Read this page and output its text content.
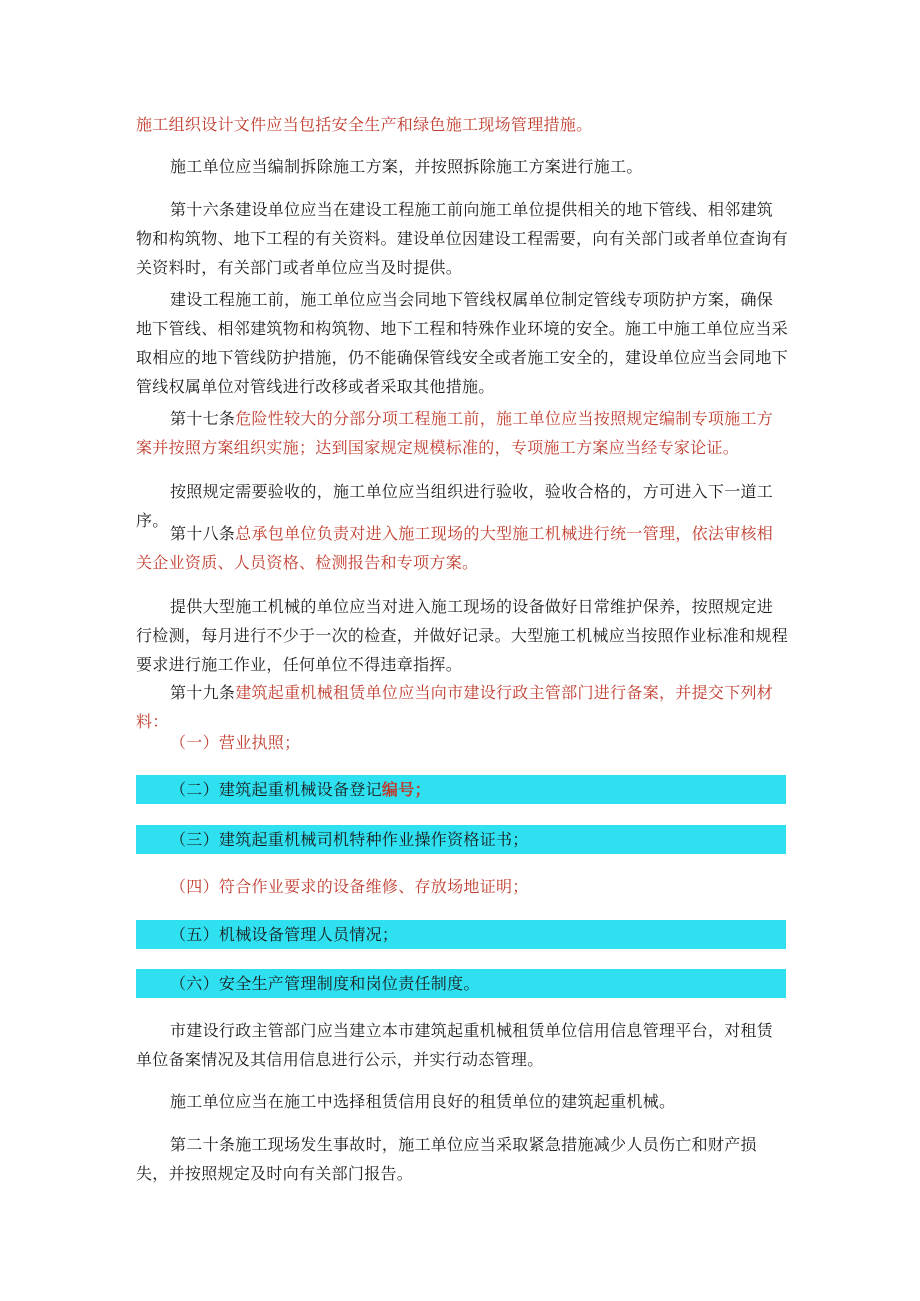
施工组织设计文件应当包括安全生产和绿色施工现场管理措施。

施工单位应当编制拆除施工方案，并按照拆除施工方案进行施工。

第十六条建设单位应当在建设工程施工前向施工单位提供相关的地下管线、相邻建筑物和构筑物、地下工程的有关资料。建设单位因建设工程需要，向有关部门或者单位查询有关资料时，有关部门或者单位应当及时提供。

建设工程施工前，施工单位应当会同地下管线权属单位制定管线专项防护方案，确保地下管线、相邻建筑物和构筑物、地下工程和特殊作业环境的安全。施工中施工单位应当采取相应的地下管线防护措施，仍不能确保管线安全或者施工安全的，建设单位应当会同地下管线权属单位对管线进行改移或者采取其他措施。

第十七条危险性较大的分部分项工程施工前，施工单位应当按照规定编制专项施工方案并按照方案组织实施；达到国家规定规模标准的，专项施工方案应当经专家论证。

按照规定需要验收的，施工单位应当组织进行验收，验收合格的，方可进入下一道工序。

第十八条总承包单位负责对进入施工现场的大型施工机械进行统一管理，依法审核相关企业资质、人员资格、检测报告和专项方案。

提供大型施工机械的单位应当对进入施工现场的设备做好日常维护保养，按照规定进行检测，每月进行不少于一次的检查，并做好记录。大型施工机械应当按照作业标准和规程要求进行施工作业，任何单位不得违章指挥。

第十九条建筑起重机械租赁单位应当向市建设行政主管部门进行备案，并提交下列材料：

（一）营业执照；

（二）建筑起重机械设备登记编号；

（三）建筑起重机械司机特种作业操作资格证书；

（四）符合作业要求的设备维修、存放场地证明；

（五）机械设备管理人员情况；

（六）安全生产管理制度和岗位责任制度。

市建设行政主管部门应当建立本市建筑起重机械租赁单位信用信息管理平台，对租赁单位备案情况及其信用信息进行公示，并实行动态管理。

施工单位应当在施工中选择租赁信用良好的租赁单位的建筑起重机械。

第二十条施工现场发生事故时，施工单位应当采取紧急措施减少人员伤亡和财产损失，并按照规定及时向有关部门报告。
